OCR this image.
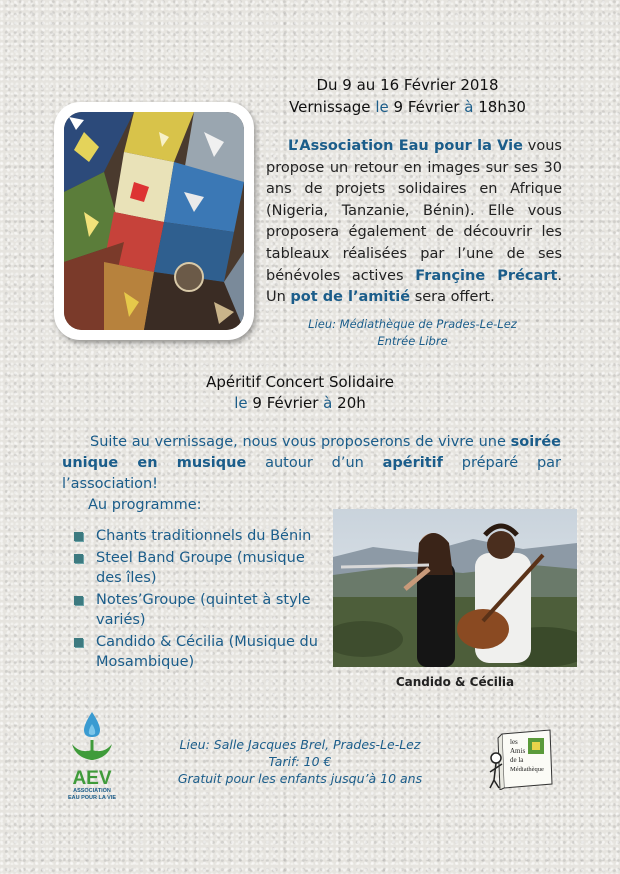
Du 9 au 16 Février 2018
Vernissage le 9 Février à 18h30
L’Association Eau pour la Vie vous propose un retour en images sur ses 30 ans de projets solidaires en Afrique (Nigeria, Tanzanie, Bénin). Elle vous proposera également de découvrir les tableaux réalisées par l’une de ses bénévoles actives Françine Précart. Un pot de l’amitié sera offert.
Lieu: Médiathèque de Prades-Le-Lez
Entrée Libre
Apéritif Concert Solidaire
le 9 Février à 20h
Suite au vernissage, nous vous proposerons de vivre une soirée unique en musique autour d’un apéritif préparé par l’association!
Au programme:
Chants traditionnels du Bénin
Steel Band Groupe (musique des îles)
Notes’Groupe (quintet à style variés)
Candido & Cécilia (Musique du Mosambique)
Candido & Cécilia
AEV
ASSOCIATION
EAU POUR LA VIE
Lieu: Salle Jacques Brel, Prades-Le-Lez
Tarif: 10 €
Gratuit pour les enfants jusqu’à 10 ans
les
Amis
de la
Médiathèque
